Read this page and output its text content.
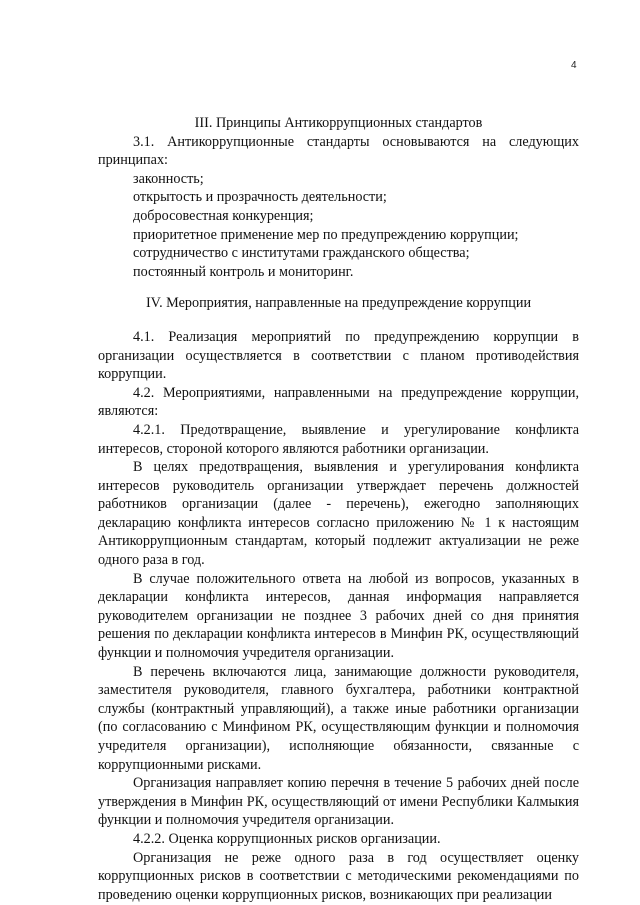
4

III. Принципы Антикоррупционных стандартов

3.1. Антикоррупционные стандарты основываются на следующих принципах:

законность;

открытость и прозрачность деятельности;

добросовестная конкуренция;

приоритетное применение мер по предупреждению коррупции;

сотрудничество с институтами гражданского общества;

постоянный контроль и мониторинг.

IV. Мероприятия, направленные на предупреждение коррупции

4.1. Реализация мероприятий по предупреждению коррупции в организации осуществляется в соответствии с планом противодействия коррупции.

4.2. Мероприятиями, направленными на предупреждение коррупции, являются:

4.2.1. Предотвращение, выявление и урегулирование конфликта интересов, стороной которого являются работники организации.

В целях предотвращения, выявления и урегулирования конфликта интересов руководитель организации утверждает перечень должностей работников организации (далее - перечень), ежегодно заполняющих декларацию конфликта интересов согласно приложению № 1 к настоящим Антикоррупционным стандартам, который подлежит актуализации не реже одного раза в год.

В случае положительного ответа на любой из вопросов, указанных в декларации конфликта интересов, данная информация направляется руководителем организации не позднее 3 рабочих дней со дня принятия решения по декларации конфликта интересов в Минфин РК, осуществляющий функции и полномочия учредителя организации.

В перечень включаются лица, занимающие должности руководителя, заместителя руководителя, главного бухгалтера, работники контрактной службы (контрактный управляющий), а также иные работники организации (по согласованию с Минфином РК, осуществляющим функции и полномочия учредителя организации), исполняющие обязанности, связанные с коррупционными рисками.

Организация направляет копию перечня в течение 5 рабочих дней после утверждения в Минфин РК, осуществляющий от имени Республики Калмыкия функции и полномочия учредителя организации.

4.2.2. Оценка коррупционных рисков организации.

Организация не реже одного раза в год осуществляет оценку коррупционных рисков в соответствии с методическими рекомендациями по проведению оценки коррупционных рисков, возникающих при реализации
